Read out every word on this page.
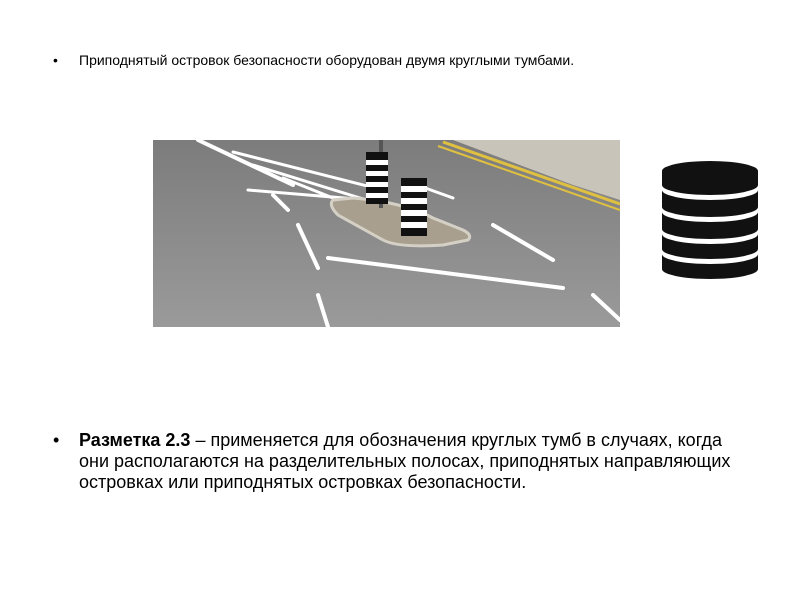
•	Приподнятый островок безопасности оборудован двумя круглыми тумбами.
•	Разметка 2.3 – применяется для обозначения круглых тумб в случаях, когда они располагаются на разделительных полосах, приподнятых направляющих островках или приподнятых островках безопасности.
